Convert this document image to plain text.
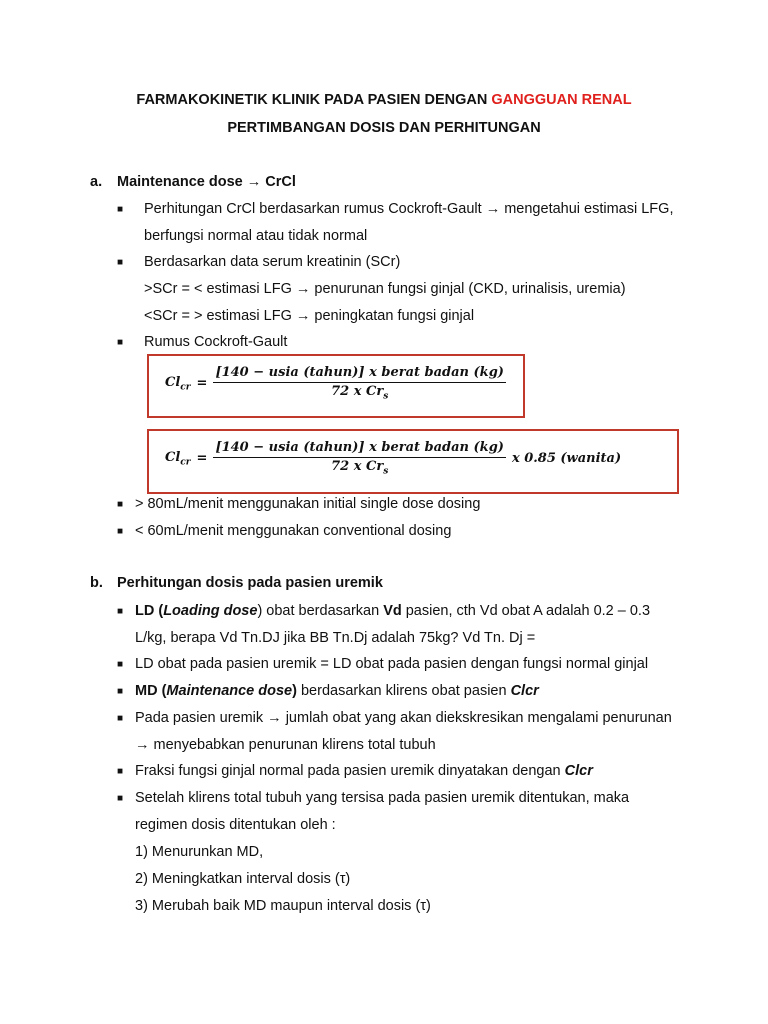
FARMAKOKINETIK KLINIK PADA PASIEN DENGAN GANGGUAN RENAL
PERTIMBANGAN DOSIS DAN PERHITUNGAN
a. Maintenance dose → CrCl
■ Perhitungan CrCl berdasarkan rumus Cockroft-Gault → mengetahui estimasi LFG,
berfungsi normal atau tidak normal
■ Berdasarkan data serum kreatinin (SCr)
>SCr = < estimasi LFG → penurunan fungsi ginjal (CKD, urinalisis, uremia)
<SCr = > estimasi LFG → peningkatan fungsi ginjal
■ Rumus Cockroft-Gault
$Cl_{cr} = \frac{\text{[140 − usia (tahun)] x berat badan (kg)}}{72 x Cr_s}$
$Cl_{cr} = \frac{\text{[140 − usia (tahun)] x berat badan (kg)}}{72 x Cr_s}$ x 0.85 (wanita)
■ > 80mL/menit menggunakan initial single dose dosing
■ < 60mL/menit menggunakan conventional dosing
b. Perhitungan dosis pada pasien uremik
■ LD (Loading dose) obat berdasarkan Vd pasien, cth Vd obat A adalah 0.2 – 0.3
L/kg, berapa Vd Tn.DJ jika BB Tn.Dj adalah 75kg? Vd Tn. Dj =
■ LD obat pada pasien uremik = LD obat pada pasien dengan fungsi normal ginjal
■ MD (Maintenance dose) berdasarkan klirens obat pasien Clcr
■ Pada pasien uremik → jumlah obat yang akan diekskresikan mengalami penurunan
→ menyebabkan penurunan klirens total tubuh
■ Fraksi fungsi ginjal normal pada pasien uremik dinyatakan dengan Clcr
■ Setelah klirens total tubuh yang tersisa pada pasien uremik ditentukan, maka
regimen dosis ditentukan oleh :
1) Menurunkan MD,
2) Meningkatkan interval dosis (τ)
3) Merubah baik MD maupun interval dosis (τ)
